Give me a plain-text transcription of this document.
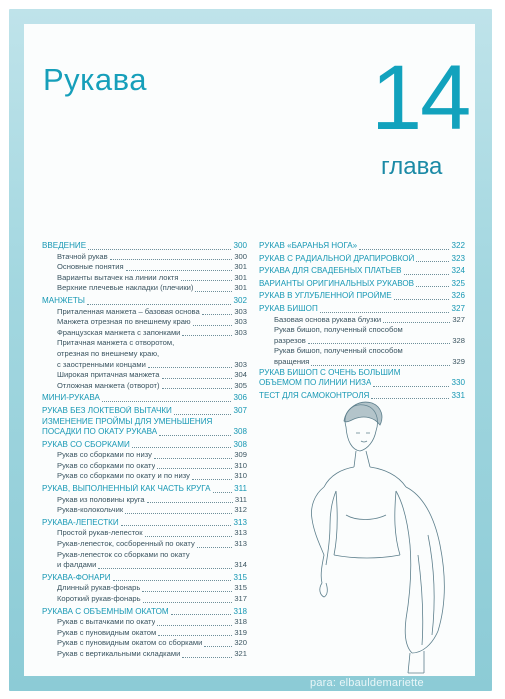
Рукава 14
глава
ВВЕДЕНИЕ	300
Втачной рукав	300
Основные понятия	301
Варианты вытачек на линии локтя	301
Верхние плечевые накладки (плечики)	301
МАНЖЕТЫ	302
Приталенная манжета – базовая основа	303
Манжета отрезная по внешнему краю	303
Французская манжета с запонками	303
Притачная манжета с отворотом,
отрезная по внешнему краю,
с заостренными концами	303
Широкая притачная манжета	304
Отложная манжета (отворот)	305
МИНИ-РУКАВА	306
РУКАВ БЕЗ ЛОКТЕВОЙ ВЫТАЧКИ	307
ИЗМЕНЕНИЕ ПРОЙМЫ ДЛЯ УМЕНЬШЕНИЯ
ПОСАДКИ ПО ОКАТУ РУКАВА	308
РУКАВ СО СБОРКАМИ	308
Рукав со сборками по низу	309
Рукав со сборками по окату	310
Рукав со сборками по окату и по низу	310
РУКАВ, ВЫПОЛНЕННЫЙ КАК ЧАСТЬ КРУГА	311
Рукав из половины круга	311
Рукав-колокольчик	312
РУКАВА-ЛЕПЕСТКИ	313
Простой рукав-лепесток	313
Рукав-лепесток, сосборенный по окату	313
Рукав-лепесток со сборками по окату
и фалдами	314
РУКАВА-ФОНАРИ	315
Длинный рукав-фонарь	315
Короткий рукав-фонарь	317
РУКАВА С ОБЪЕМНЫМ ОКАТОМ	318
Рукав с вытачками по окату	318
Рукав с пуновидным окатом	319
Рукав с пуновидным окатом со сборками	320
Рукав с вертикальными складками	321
РУКАВ «БАРАНЬЯ НОГА»	322
РУКАВ С РАДИАЛЬНОЙ ДРАПИРОВКОЙ	323
РУКАВА ДЛЯ СВАДЕБНЫХ ПЛАТЬЕВ	324
ВАРИАНТЫ ОРИГИНАЛЬНЫХ РУКАВОВ	325
РУКАВ В УГЛУБЛЕННОЙ ПРОЙМЕ	326
РУКАВ БИШОП	327
Базовая основа рукава блузки	327
Рукав бишоп, полученный способом
разрезов	328
Рукав бишоп, полученный способом
вращения	329
РУКАВ БИШОП С ОЧЕНЬ БОЛЬШИМ
ОБЪЕМОМ ПО ЛИНИИ НИЗА	330
ТЕСТ ДЛЯ САМОКОНТРОЛЯ	331
para: elbauldemariette
